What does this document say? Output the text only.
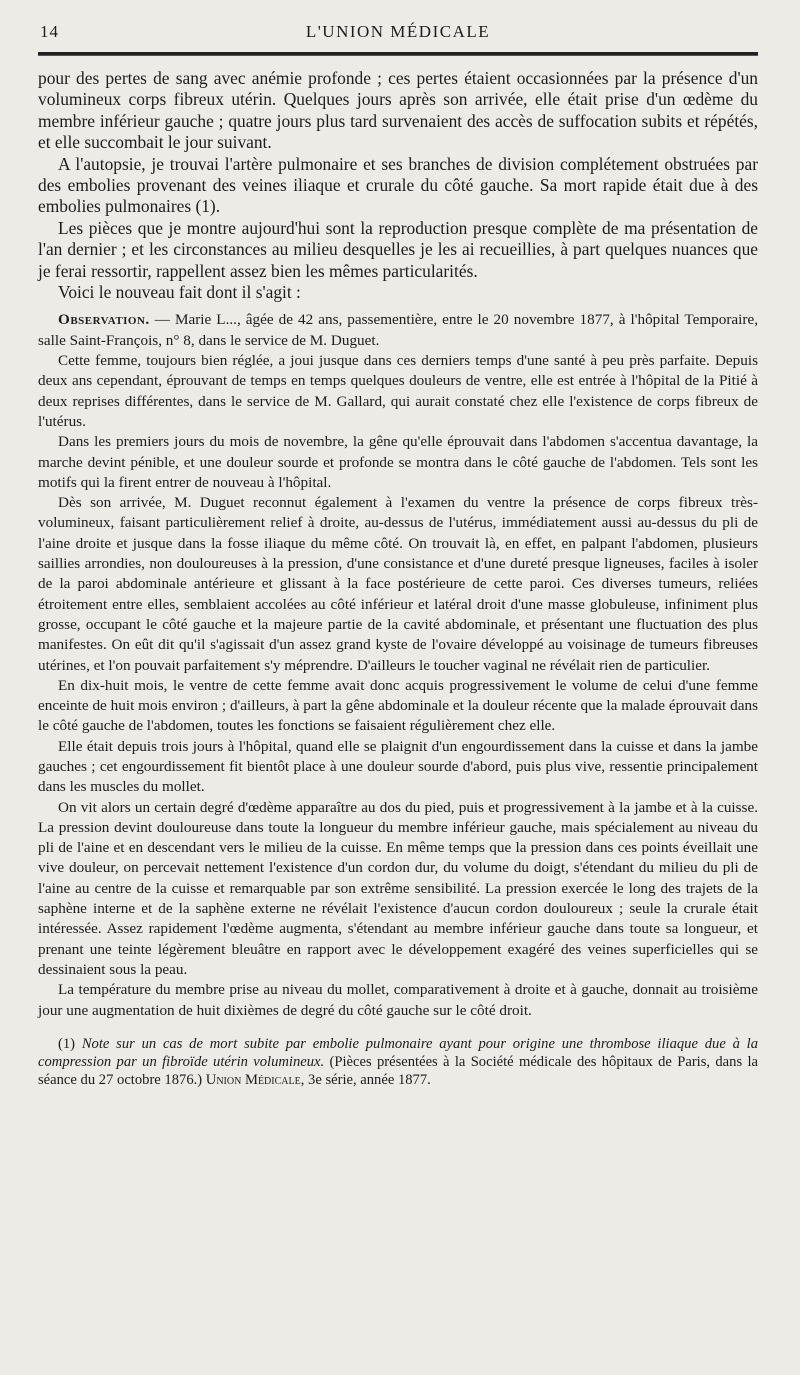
14	L'UNION MÉDICALE

pour des pertes de sang avec anémie profonde ; ces pertes étaient occasionnées par la présence d'un volumineux corps fibreux utérin. Quelques jours après son arrivée, elle était prise d'un œdème du membre inférieur gauche ; quatre jours plus tard survenaient des accès de suffocation subits et répétés, et elle succombait le jour suivant.

A l'autopsie, je trouvai l'artère pulmonaire et ses branches de division complétement obstruées par des embolies provenant des veines iliaque et crurale du côté gauche. Sa mort rapide était due à des embolies pulmonaires (1).

Les pièces que je montre aujourd'hui sont la reproduction presque complète de ma présentation de l'an dernier ; et les circonstances au milieu desquelles je les ai recueillies, à part quelques nuances que je ferai ressortir, rappellent assez bien les mêmes particularités.

Voici le nouveau fait dont il s'agit :

Observation. — Marie L..., âgée de 42 ans, passementière, entre le 20 novembre 1877, à l'hôpital Temporaire, salle Saint-François, n° 8, dans le service de M. Duguet.

Cette femme, toujours bien réglée, a joui jusque dans ces derniers temps d'une santé à peu près parfaite. Depuis deux ans cependant, éprouvant de temps en temps quelques douleurs de ventre, elle est entrée à l'hôpital de la Pitié à deux reprises différentes, dans le service de M. Gallard, qui aurait constaté chez elle l'existence de corps fibreux de l'utérus.

Dans les premiers jours du mois de novembre, la gêne qu'elle éprouvait dans l'abdomen s'accentua davantage, la marche devint pénible, et une douleur sourde et profonde se montra dans le côté gauche de l'abdomen. Tels sont les motifs qui la firent entrer de nouveau à l'hôpital.

Dès son arrivée, M. Duguet reconnut également à l'examen du ventre la présence de corps fibreux très-volumineux, faisant particulièrement relief à droite, au-dessus de l'utérus, immédiatement aussi au-dessus du pli de l'aine droite et jusque dans la fosse iliaque du même côté. On trouvait là, en effet, en palpant l'abdomen, plusieurs saillies arrondies, non douloureuses à la pression, d'une consistance et d'une dureté presque ligneuses, faciles à isoler de la paroi abdominale antérieure et glissant à la face postérieure de cette paroi. Ces diverses tumeurs, reliées étroitement entre elles, semblaient accolées au côté inférieur et latéral droit d'une masse globuleuse, infiniment plus grosse, occupant le côté gauche et la majeure partie de la cavité abdominale, et présentant une fluctuation des plus manifestes. On eût dit qu'il s'agissait d'un assez grand kyste de l'ovaire développé au voisinage de tumeurs fibreuses utérines, et l'on pouvait parfaitement s'y méprendre. D'ailleurs le toucher vaginal ne révélait rien de particulier.

En dix-huit mois, le ventre de cette femme avait donc acquis progressivement le volume de celui d'une femme enceinte de huit mois environ ; d'ailleurs, à part la gêne abdominale et la douleur récente que la malade éprouvait dans le côté gauche de l'abdomen, toutes les fonctions se faisaient régulièrement chez elle.

Elle était depuis trois jours à l'hôpital, quand elle se plaignit d'un engourdissement dans la cuisse et dans la jambe gauches ; cet engourdissement fit bientôt place à une douleur sourde d'abord, puis plus vive, ressentie principalement dans les muscles du mollet.

On vit alors un certain degré d'œdème apparaître au dos du pied, puis et progressivement à la jambe et à la cuisse. La pression devint douloureuse dans toute la longueur du membre inférieur gauche, mais spécialement au niveau du pli de l'aine et en descendant vers le milieu de la cuisse. En même temps que la pression dans ces points éveillait une vive douleur, on percevait nettement l'existence d'un cordon dur, du volume du doigt, s'étendant du milieu du pli de l'aine au centre de la cuisse et remarquable par son extrême sensibilité. La pression exercée le long des trajets de la saphène interne et de la saphène externe ne révélait l'existence d'aucun cordon douloureux ; seule la crurale était intéressée. Assez rapidement l'œdème augmenta, s'étendant au membre inférieur gauche dans toute sa longueur, et prenant une teinte légèrement bleuâtre en rapport avec le développement exagéré des veines superficielles qui se dessinaient sous la peau.

La température du membre prise au niveau du mollet, comparativement à droite et à gauche, donnait au troisième jour une augmentation de huit dixièmes de degré du côté gauche sur le côté droit.

(1) Note sur un cas de mort subite par embolie pulmonaire ayant pour origine une thrombose iliaque due à la compression par un fibroïde utérin volumineux. (Pièces présentées à la Société médicale des hôpitaux de Paris, dans la séance du 27 octobre 1876.) Union Médicale, 3e série, année 1877.
